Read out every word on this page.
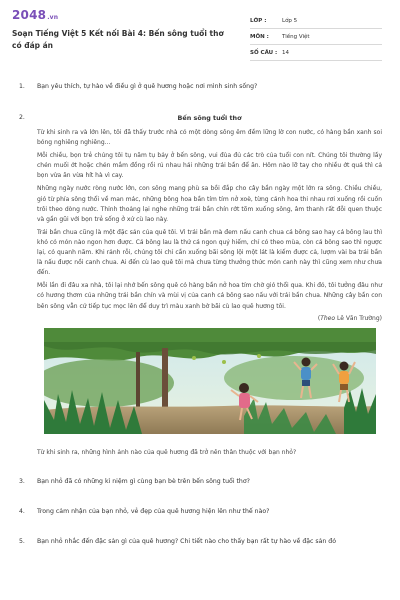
2048.vn
Soạn Tiếng Việt 5 Kết nối Bài 4: Bến sông tuổi thơ có đáp án
LỚP :	Lớp 5
MÔN :	Tiếng Việt
SỐ CÂU : 14
1.	Bạn yêu thích, tự hào về điều gì ở quê hương hoặc nơi mình sinh sống?
2.	Bến sông tuổi thơ

Từ khi sinh ra và lớn lên, tôi đã thấy trước nhà có một dòng sông êm đềm lững lờ con nước, có hàng bần xanh soi bóng nghiêng nghiêng...

Mỗi chiều, bọn trẻ chúng tôi tụ năm tụ bảy ở bến sông, vui đùa đủ các trò của tuổi con nít. Chúng tôi thường lấy chén muối ớt hoặc chén mắm đồng rồi rủ nhau hái những trái bần để ăn. Hôm nào lỡ tay cho nhiều ớt quá thì cả bọn vừa ăn vừa hít hà vì cay.

Những ngày nước ròng nước lớn, con sông mang phù sa bồi đắp cho cây bần ngày một lớn ra sông. Chiều chiều, gió từ phía sông thổi về man mác, những bông hoa bần tím tím nở xoè, từng cánh hoa thi nhau rơi xuống rồi cuốn trôi theo dòng nước. Thỉnh thoảng lại nghe những trái bần chín rớt tõm xuống sông, âm thanh rất đỗi quen thuộc và gần gũi với bọn trẻ sống ở xứ cù lao này.

Trái bần chua cũng là một đặc sản của quê tôi. Vì trái bần mà đem nấu canh chua cá bông sao hay cá bông lau thì khó có món nào ngon hơn được. Cá bông lau là thứ cá ngon quý hiếm, chỉ có theo mùa, còn cá bông sao thì ngược lại, có quanh năm. Khi rảnh rỗi, chúng tôi chỉ cần xuống bãi sông lội một lát là kiếm được cả, lượm vài ba trái bần là nấu được nồi canh chua. Ai đến cù lao quê tôi mà chưa từng thưởng thức món canh này thì cũng xem như chưa đến.

Mỗi lần đi đâu xa nhà, tôi lại nhớ bến sông quê có hàng bần nở hoa tím chờ gió thổi qua. Khi đó, tôi tưởng đâu như có hương thơm của những trái bần chín và mùi vị của canh cá bông sao nấu với trái bần chua. Những cây bần con bên sông vẫn cứ tiếp tục mọc lên để duy trì màu xanh bờ bãi cù lao quê hương tôi.

(Theo Lê Văn Trường)

Từ khi sinh ra, những hình ảnh nào của quê hương đã trở nên thân thuộc với bạn nhỏ?
3.	Bạn nhỏ đã có những kỉ niệm gì cùng bạn bè trên bến sông tuổi thơ?
4.	Trong cảm nhận của bạn nhỏ, vẻ đẹp của quê hương hiện lên như thế nào?
5.	Bạn nhỏ nhắc đến đặc sản gì của quê hương? Chi tiết nào cho thấy bạn rất tự hào về đặc sản đó
